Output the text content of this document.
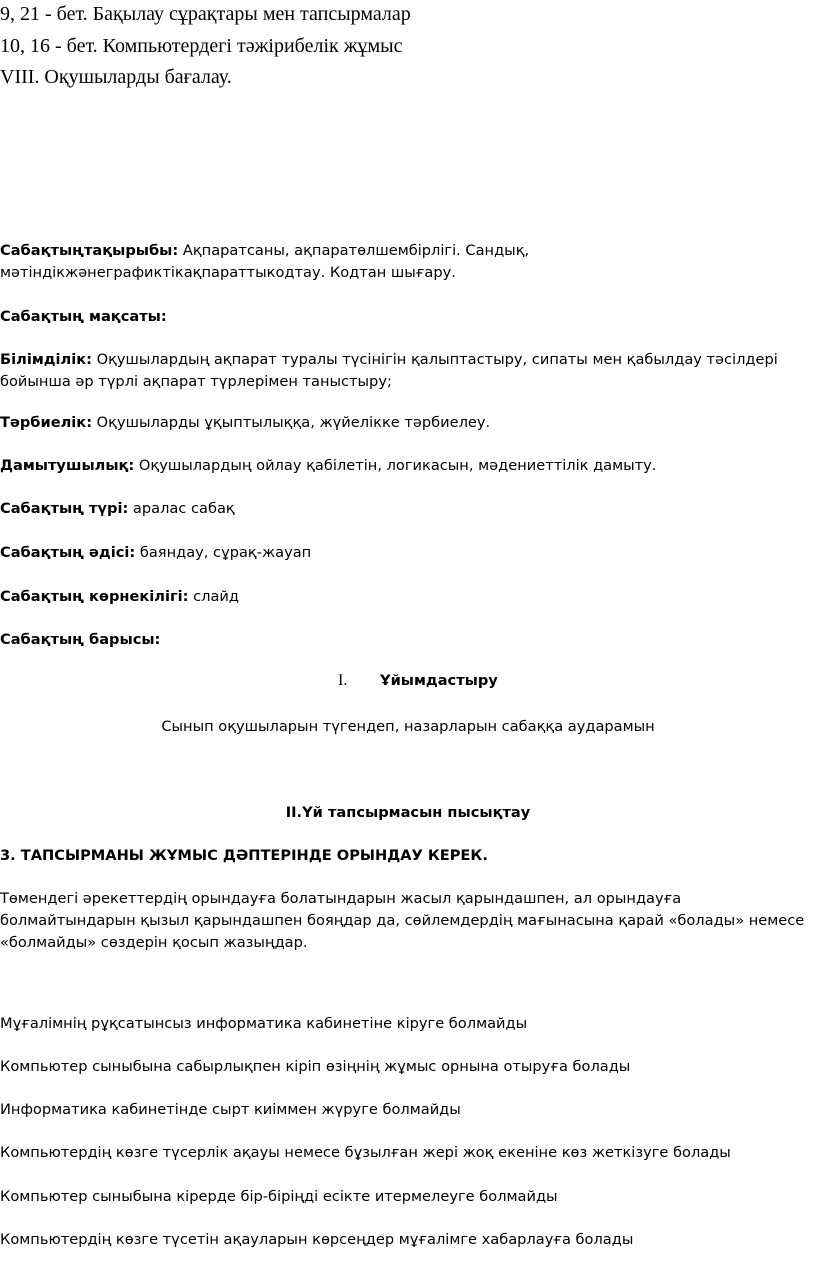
9, 21 - бет. Бақылау сұрақтары мен тапсырмалар
10, 16 - бет. Компьютердегі тәжірибелік жұмыс
VIII. Оқушыларды бағалау.
Сабақтыңтақырыбы: Ақпаратсаны, ақпаратөлшембірлігі. Сандық, мәтіндікжәнеграфиктікақпараттыкодтау. Кодтан шығару.
Сабақтың мақсаты:
Білімділік: Оқушылардың ақпарат туралы түсінігін қалыптастыру, сипаты мен қабылдау тәсілдері бойынша әр түрлі ақпарат түрлерімен таныстыру;
Тәрбиелік: Оқушыларды ұқыптылыққа, жүйелікке тәрбиелеу.
Дамытушылық: Оқушылардың ойлау қабілетін, логикасын, мәдениеттілік дамыту.
Сабақтың түрі: аралас сабақ
Сабақтың әдісі: баяндау, сұрақ-жауап
Сабақтың көрнекілігі: слайд
Сабақтың барысы:
I. Ұйымдастыру
Сынып оқушыларын түгендеп, назарларын сабаққа аударамын
II.Үй тапсырмасын пысықтау
3. ТАПСЫРМАНЫ ЖҰМЫС ДӘПТЕРІНДЕ ОРЫНДАУ КЕРЕК.
Төмендегі әрекеттердің орындауға болатындарын жасыл қарындашпен, ал орындауға болмайтындарын қызыл қарындашпен бояңдар да, сөйлемдердің мағынасына қарай «болады» немесе «болмайды» сөздерін қосып жазыңдар.
Мұғалімнің рұқсатынсыз информатика кабинетіне кіруге болмайды
Компьютер сыныбына сабырлықпен кіріп өзіңнің жұмыс орнына отыруға болады
Информатика кабинетінде сырт киіммен жүруге болмайды
Компьютердің көзге түсерлік ақауы немесе бұзылған жері жоқ екеніне көз жеткізуге болады
Компьютер сыныбына кірерде бір-біріңді есікте итермелеуге болмайды
Компьютердің көзге түсетін ақауларын көрсеңдер мұғалімге хабарлауға болады
